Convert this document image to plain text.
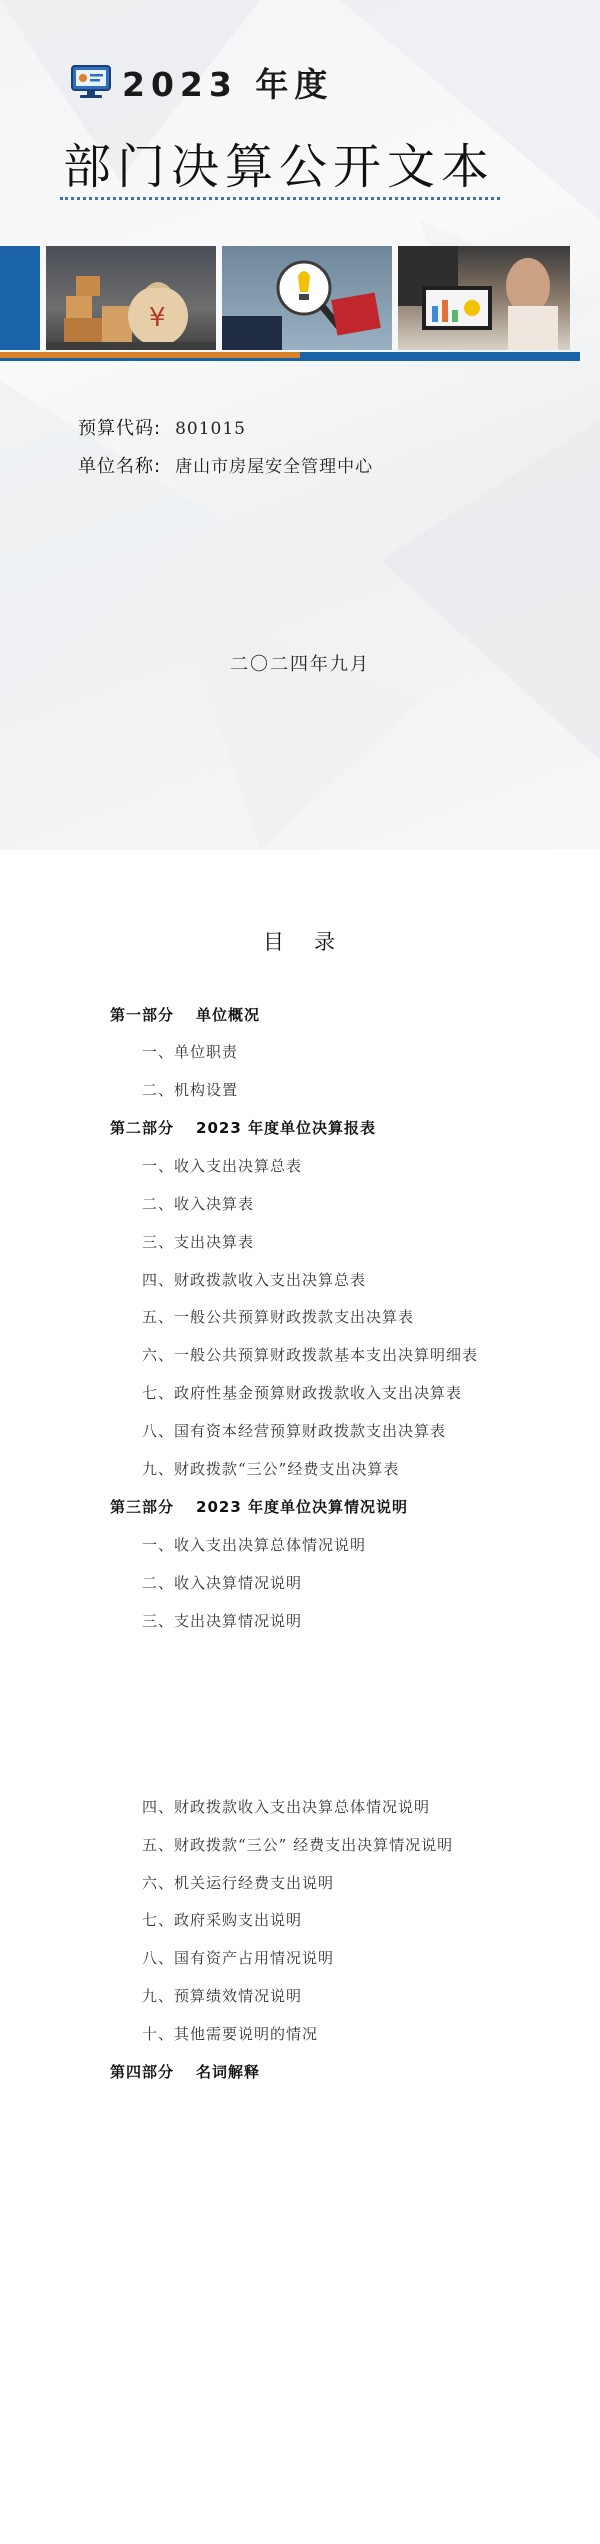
2023 年度
部门决算公开文本
¥
预算代码: 801015
单位名称: 唐山市房屋安全管理中心
二〇二四年九月
目 录
第一部分 单位概况
一、单位职责
二、机构设置
第二部分 2023 年度单位决算报表
一、收入支出决算总表
二、收入决算表
三、支出决算表
四、财政拨款收入支出决算总表
五、一般公共预算财政拨款支出决算表
六、一般公共预算财政拨款基本支出决算明细表
七、政府性基金预算财政拨款收入支出决算表
八、国有资本经营预算财政拨款支出决算表
九、财政拨款“三公”经费支出决算表
第三部分 2023 年度单位决算情况说明
一、收入支出决算总体情况说明
二、收入决算情况说明
三、支出决算情况说明
四、财政拨款收入支出决算总体情况说明
五、财政拨款“三公” 经费支出决算情况说明
六、机关运行经费支出说明
七、政府采购支出说明
八、国有资产占用情况说明
九、预算绩效情况说明
十、其他需要说明的情况
第四部分 名词解释
